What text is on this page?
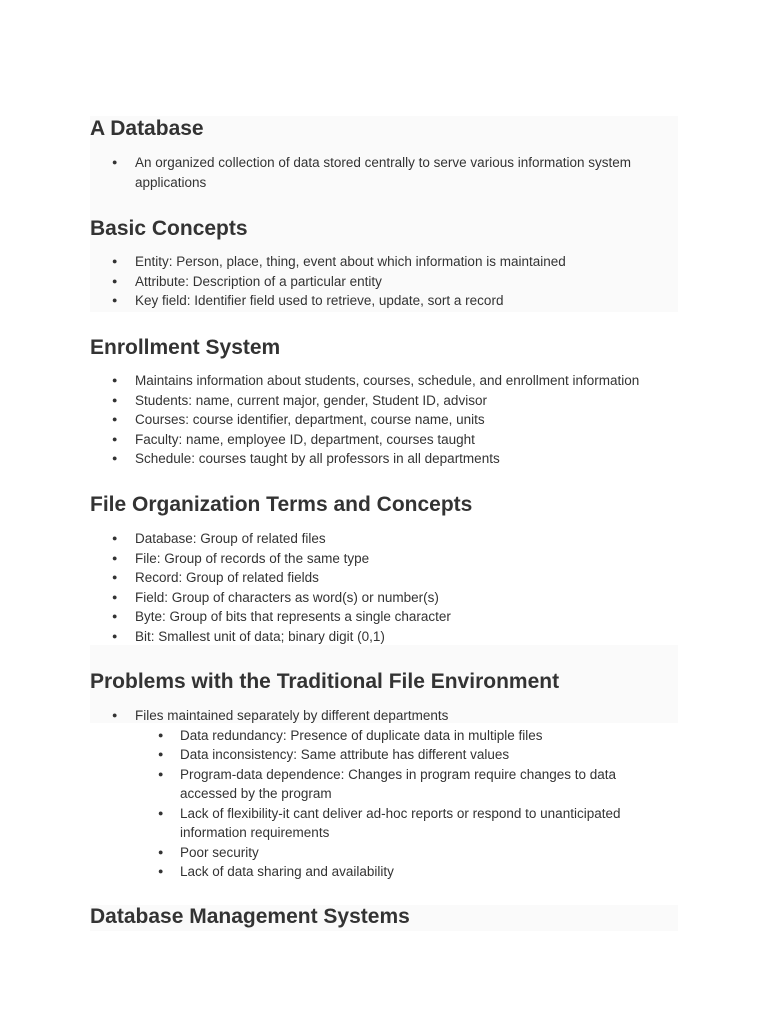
A Database
● An organized collection of data stored centrally to serve various information system applications
Basic Concepts
● Entity: Person, place, thing, event about which information is maintained
● Attribute: Description of a particular entity
● Key field: Identifier field used to retrieve, update, sort a record
Enrollment System
● Maintains information about students, courses, schedule, and enrollment information
● Students: name, current major, gender, Student ID, advisor
● Courses: course identifier, department, course name, units
● Faculty: name, employee ID, department, courses taught
● Schedule: courses taught by all professors in all departments
File Organization Terms and Concepts
● Database: Group of related files
● File: Group of records of the same type
● Record: Group of related fields
● Field: Group of characters as word(s) or number(s)
● Byte: Group of bits that represents a single character
● Bit: Smallest unit of data; binary digit (0,1)
Problems with the Traditional File Environment
● Files maintained separately by different departments
● Data redundancy: Presence of duplicate data in multiple files
● Data inconsistency: Same attribute has different values
● Program-data dependence: Changes in program require changes to data accessed by the program
● Lack of flexibility-it cant deliver ad-hoc reports or respond to unanticipated information requirements
● Poor security
● Lack of data sharing and availability
Database Management Systems
